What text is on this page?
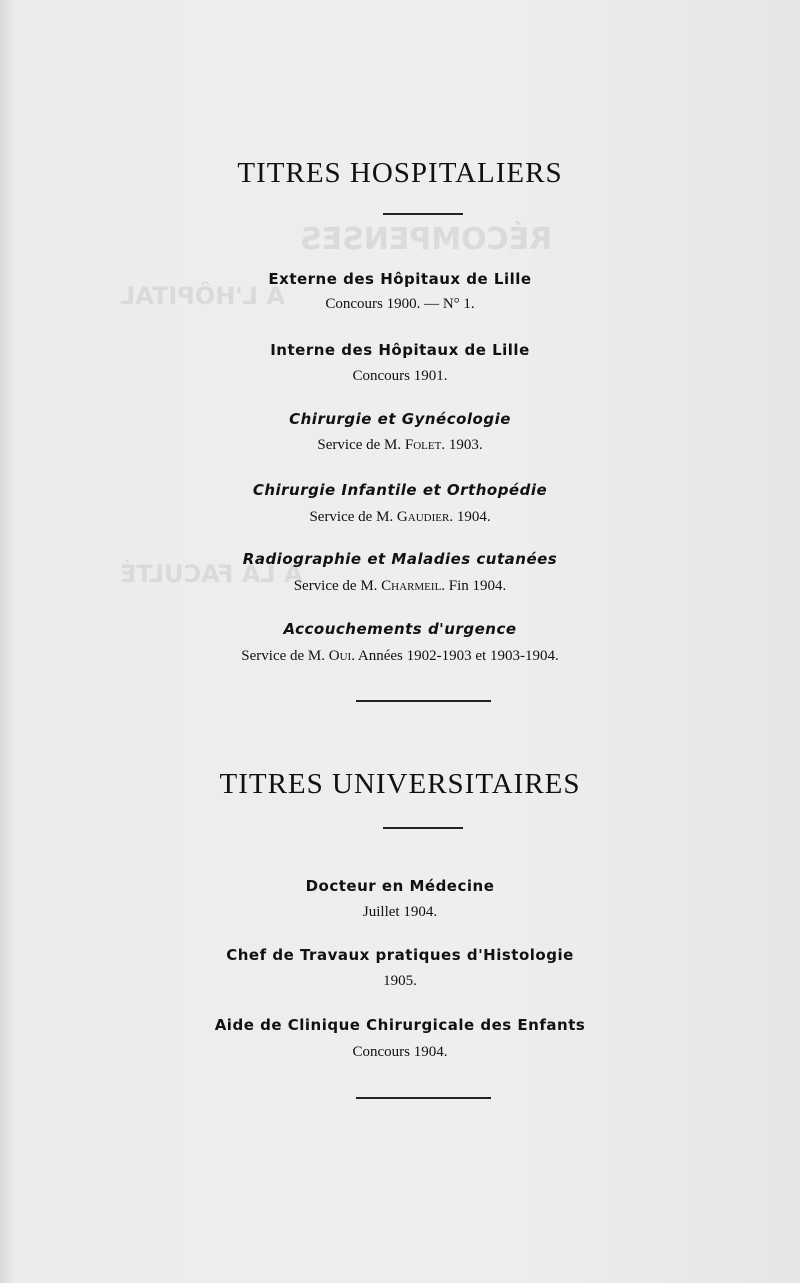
RÉCOMPENSES
A L'HÔPITAL
A LA FACULTÉ
TITRES HOSPITALIERS
Externe des Hôpitaux de Lille
Concours 1900. — N° 1.
Interne des Hôpitaux de Lille
Concours 1901.
Chirurgie et Gynécologie
Service de M. Folet. 1903.
Chirurgie Infantile et Orthopédie
Service de M. Gaudier. 1904.
Radiographie et Maladies cutanées
Service de M. Charmeil. Fin 1904.
Accouchements d'urgence
Service de M. Oui. Années 1902-1903 et 1903-1904.
TITRES UNIVERSITAIRES
Docteur en Médecine
Juillet 1904.
Chef de Travaux pratiques d'Histologie
1905.
Aide de Clinique Chirurgicale des Enfants
Concours 1904.
